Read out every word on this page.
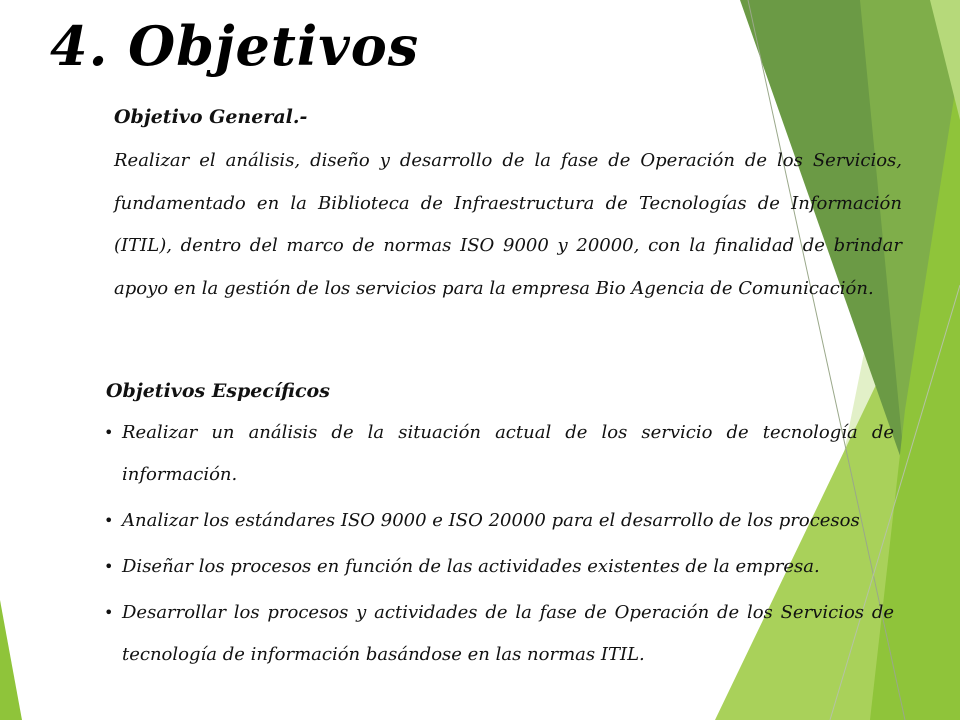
4. Objetivos
Objetivo General.-

Realizar el análisis, diseño y desarrollo de la fase de Operación de los Servicios, fundamentado en la Biblioteca de Infraestructura de Tecnologías de Información (ITIL), dentro del marco de normas ISO 9000 y 20000, con la finalidad de brindar apoyo en la gestión de los servicios para la empresa Bio Agencia de Comunicación.

Objetivos Específicos
• Realizar un análisis de la situación actual de los servicio de tecnología de información.
• Analizar los estándares ISO 9000 e ISO 20000 para el desarrollo de los procesos
• Diseñar los procesos en función de las actividades existentes de la empresa.
• Desarrollar los procesos y actividades de la fase de Operación de los Servicios de tecnología de información basándose en las normas ITIL.
